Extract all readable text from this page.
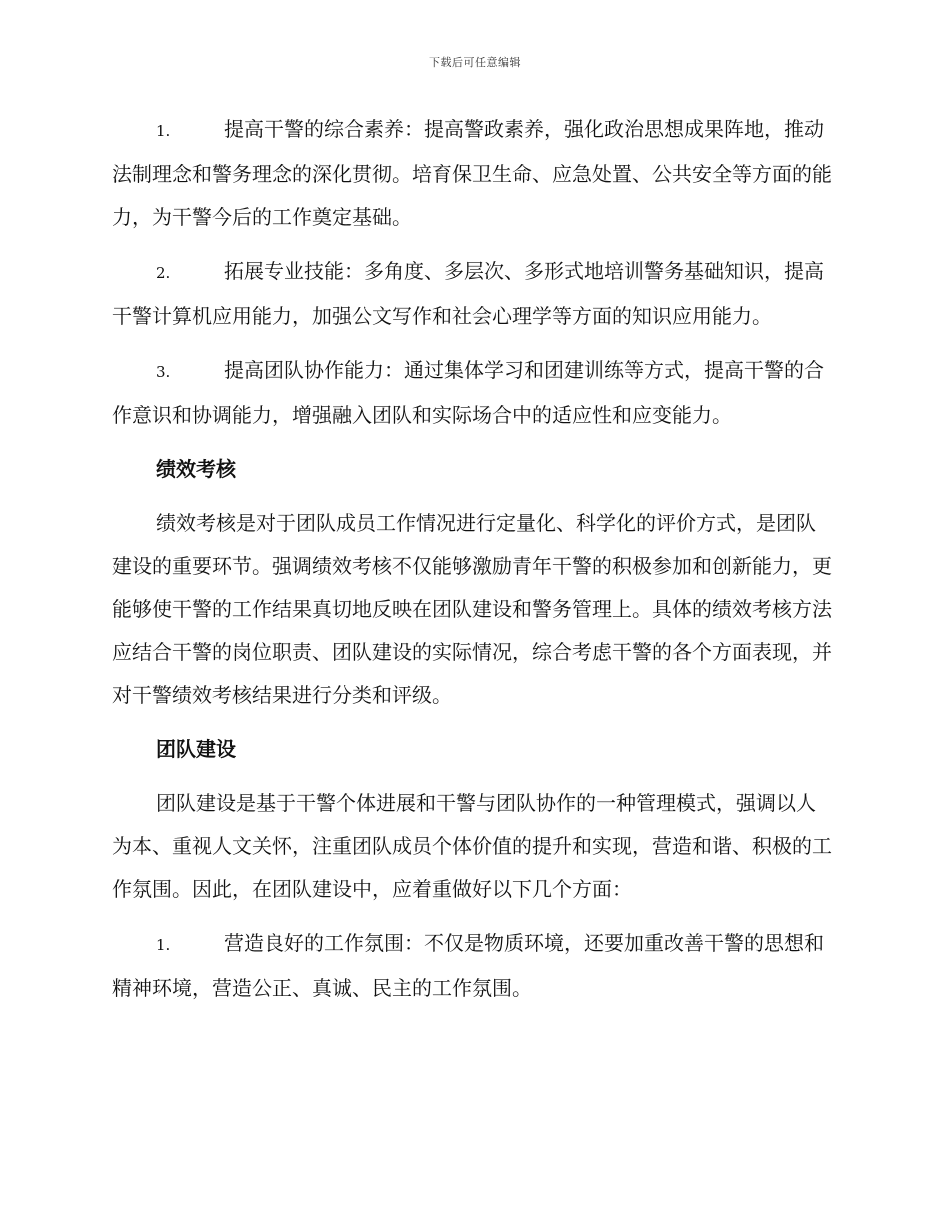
下载后可任意编辑

1.	提高干警的综合素养：提高警政素养，强化政治思想成果阵地，推动法制理念和警务理念的深化贯彻。培育保卫生命、应急处置、公共安全等方面的能力，为干警今后的工作奠定基础。

2.	拓展专业技能：多角度、多层次、多形式地培训警务基础知识，提高干警计算机应用能力，加强公文写作和社会心理学等方面的知识应用能力。

3.	提高团队协作能力：通过集体学习和团建训练等方式，提高干警的合作意识和协调能力，增强融入团队和实际场合中的适应性和应变能力。

绩效考核

绩效考核是对于团队成员工作情况进行定量化、科学化的评价方式，是团队建设的重要环节。强调绩效考核不仅能够激励青年干警的积极参加和创新能力，更能够使干警的工作结果真切地反映在团队建设和警务管理上。具体的绩效考核方法应结合干警的岗位职责、团队建设的实际情况，综合考虑干警的各个方面表现，并对干警绩效考核结果进行分类和评级。

团队建设

团队建设是基于干警个体进展和干警与团队协作的一种管理模式，强调以人为本、重视人文关怀，注重团队成员个体价值的提升和实现，营造和谐、积极的工作氛围。因此，在团队建设中，应着重做好以下几个方面：

1.	营造良好的工作氛围：不仅是物质环境，还要加重改善干警的思想和精神环境，营造公正、真诚、民主的工作氛围。
